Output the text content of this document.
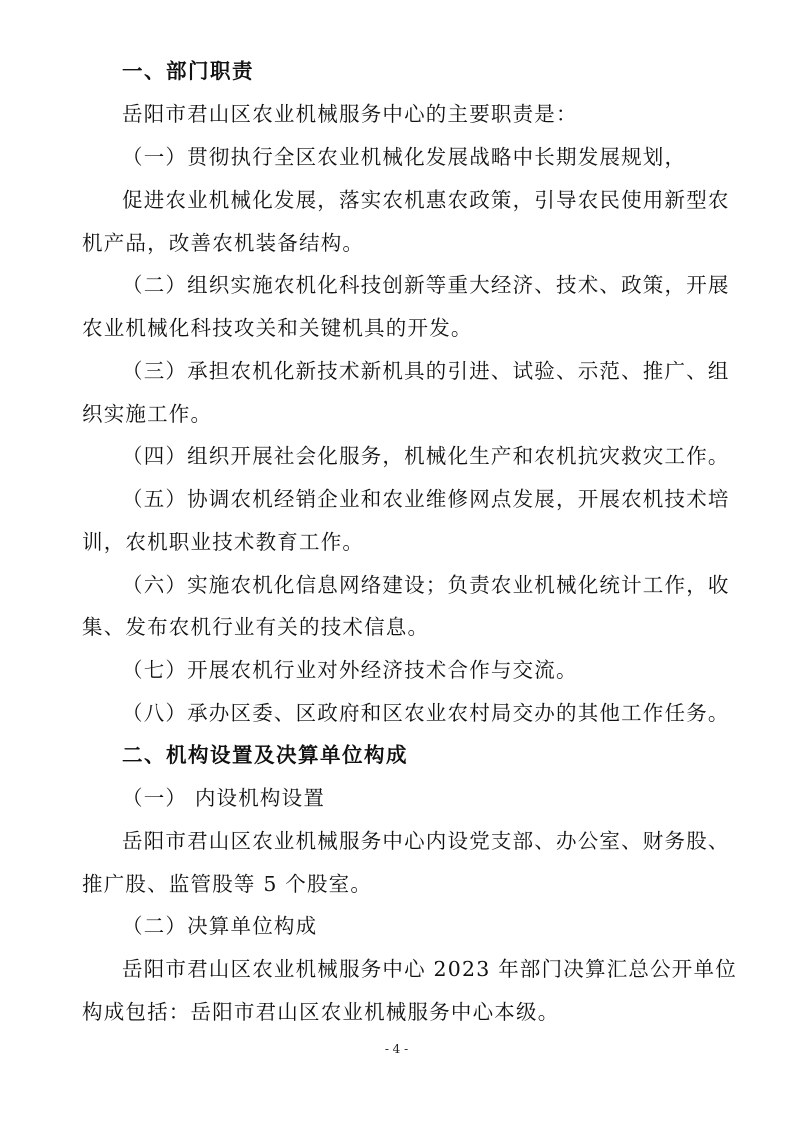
一、部门职责
岳阳市君山区农业机械服务中心的主要职责是：
（一）贯彻执行全区农业机械化发展战略中长期发展规划，
促进农业机械化发展，落实农机惠农政策，引导农民使用新型农
机产品，改善农机装备结构。
（二）组织实施农机化科技创新等重大经济、技术、政策，开展
农业机械化科技攻关和关键机具的开发。
（三）承担农机化新技术新机具的引进、试验、示范、推广、组
织实施工作。
（四）组织开展社会化服务，机械化生产和农机抗灾救灾工作。
（五）协调农机经销企业和农业维修网点发展，开展农机技术培
训，农机职业技术教育工作。
（六）实施农机化信息网络建设；负责农业机械化统计工作，收
集、发布农机行业有关的技术信息。
（七）开展农机行业对外经济技术合作与交流。
（八）承办区委、区政府和区农业农村局交办的其他工作任务。
二、机构设置及决算单位构成
（一） 内设机构设置
岳阳市君山区农业机械服务中心内设党支部、办公室、财务股、
推广股、监管股等 5 个股室。
（二）决算单位构成
岳阳市君山区农业机械服务中心 2023 年部门决算汇总公开单位
构成包括：岳阳市君山区农业机械服务中心本级。
- 4 -
